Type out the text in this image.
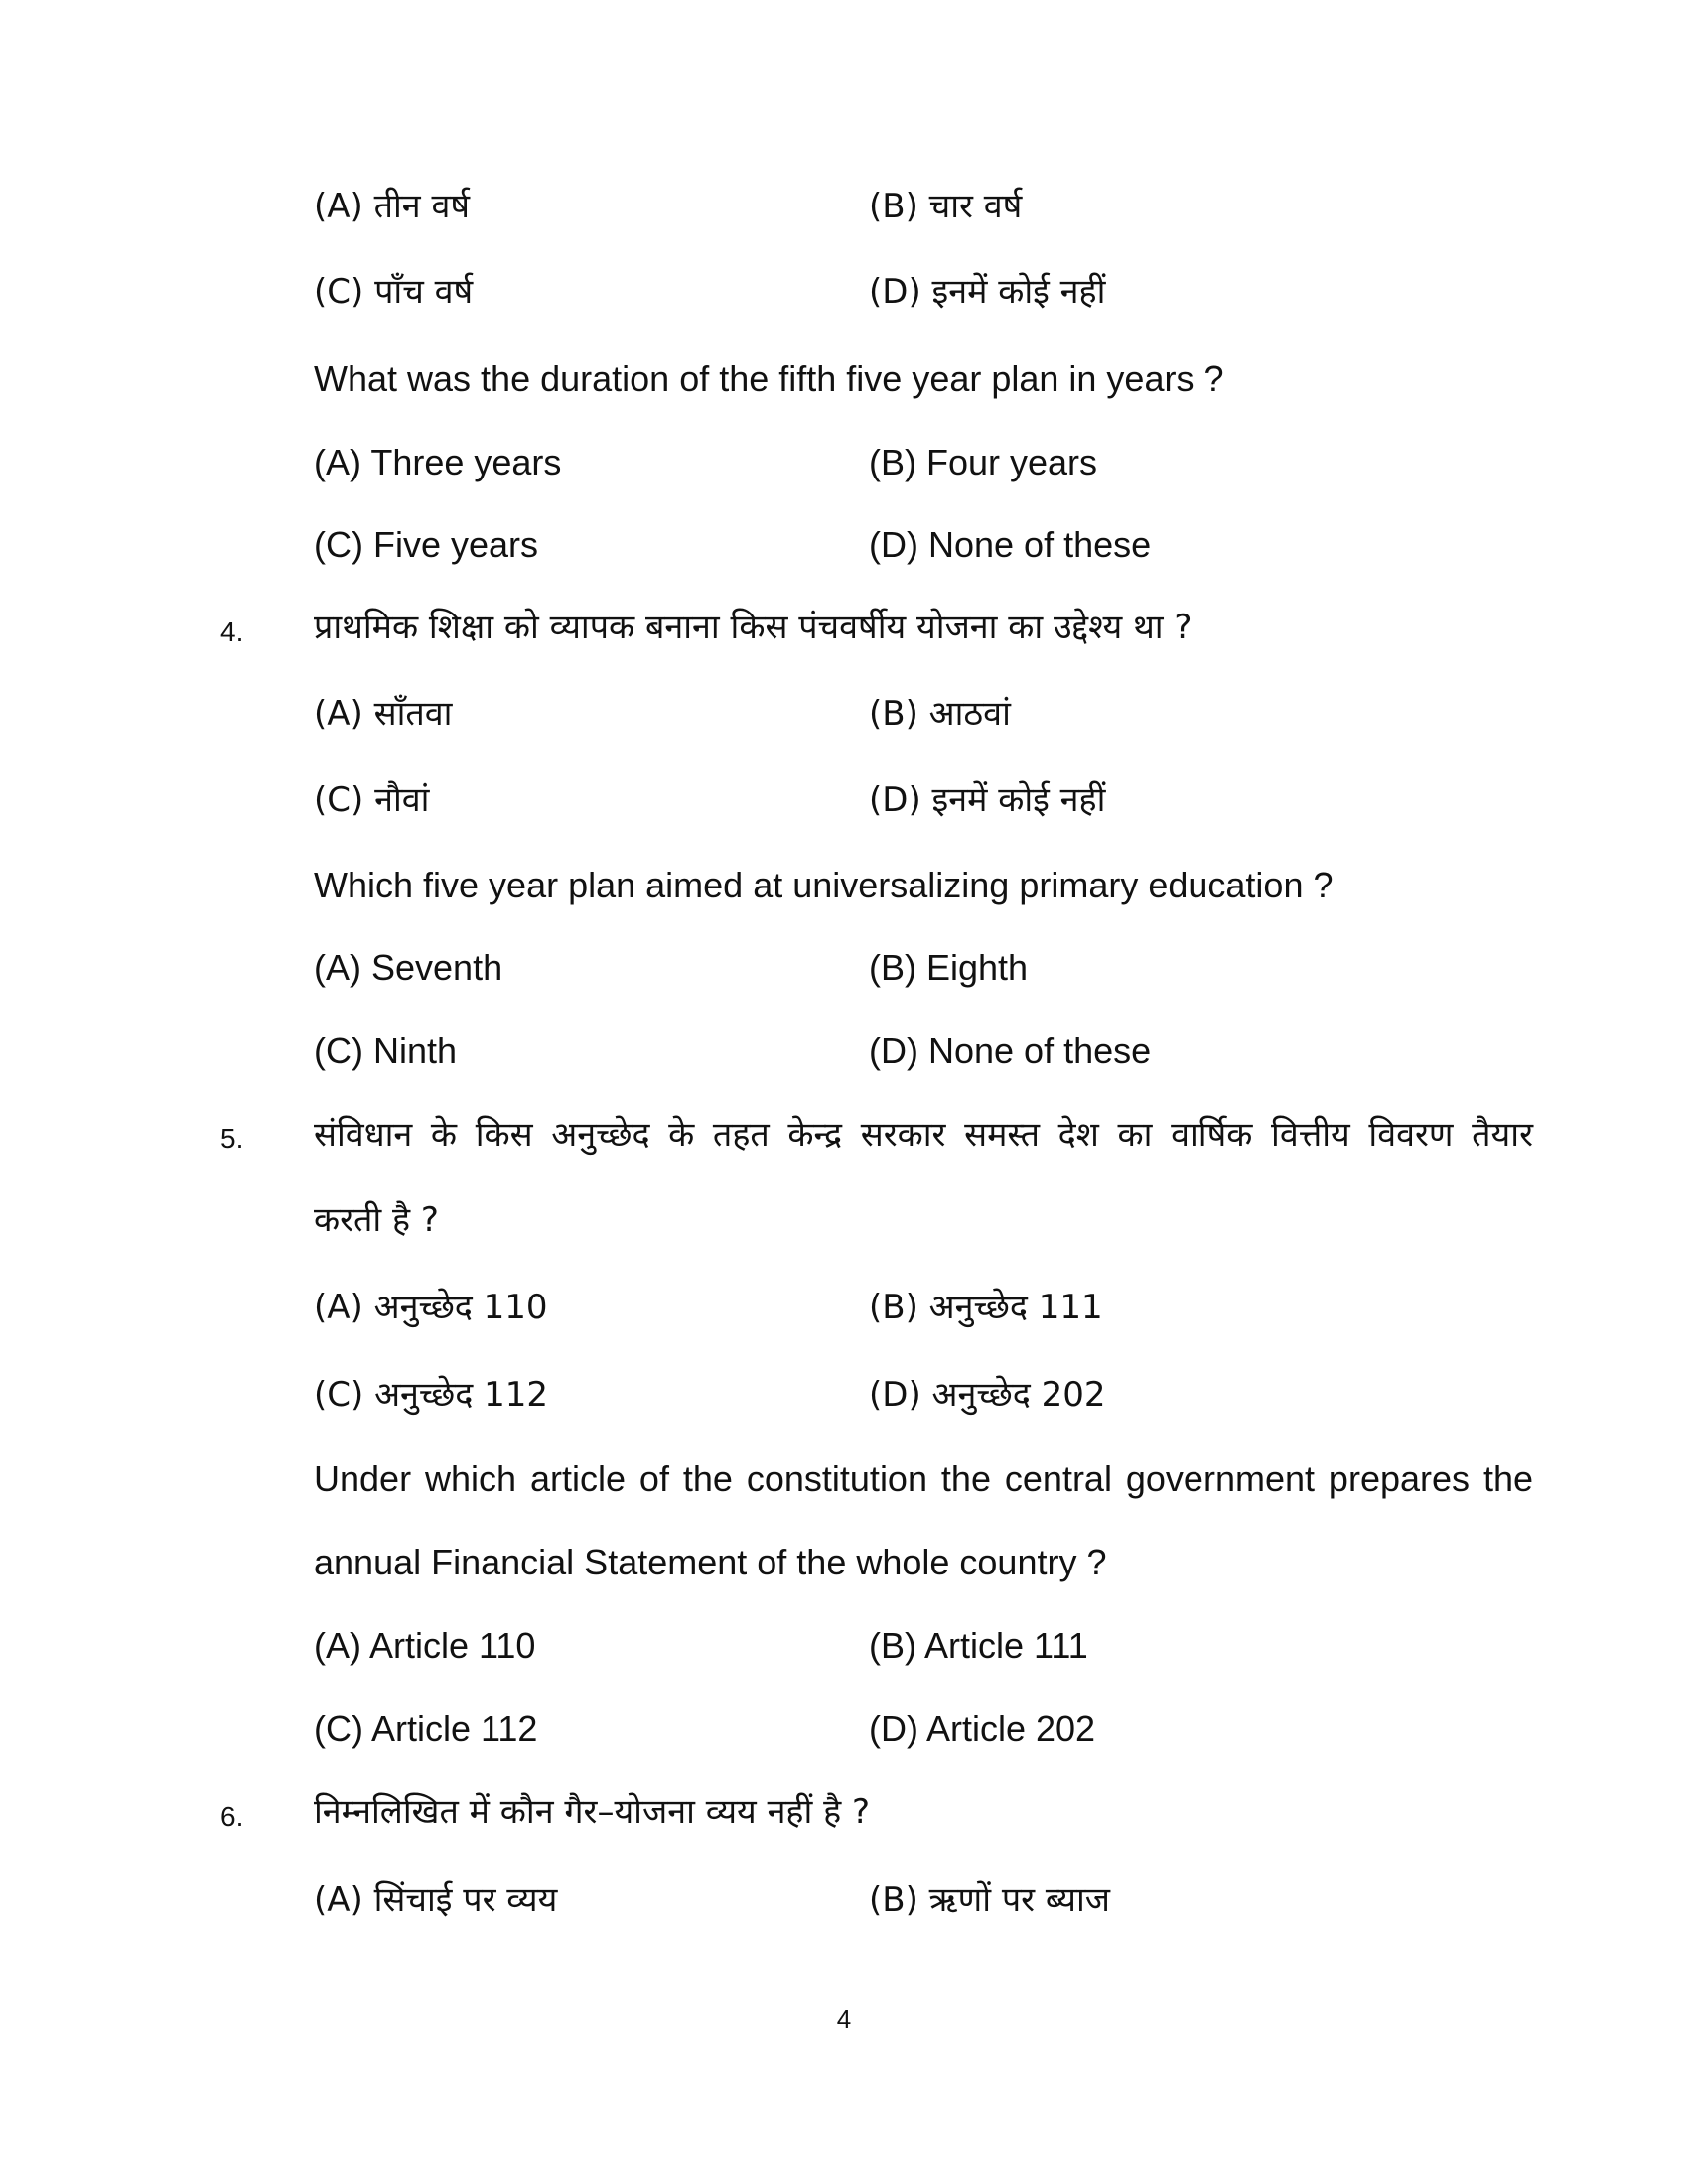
(A) तीन वर्ष	(B) चार वर्ष
(C) पाँच वर्ष	(D) इनमें कोई नहीं
What was the duration of the fifth five year plan in years ?
(A) Three years	(B) Four years
(C) Five years	(D) None of these
4. प्राथमिक शिक्षा को व्यापक बनाना किस पंचवर्षीय योजना का उद्देश्य था ?
(A) साँतवा	(B) आठवां
(C) नौवां	(D) इनमें कोई नहीं
Which five year plan aimed at universalizing primary education ?
(A) Seventh	(B) Eighth
(C) Ninth	(D) None of these
5. संविधान के किस अनुच्छेद के तहत केन्द्र सरकार समस्त देश का वार्षिक वित्तीय विवरण तैयार
करती है ?
(A) अनुच्छेद 110	(B) अनुच्छेद 111
(C) अनुच्छेद 112	(D) अनुच्छेद 202
Under which article of the constitution the central government prepares the
annual Financial Statement of the whole country ?
(A) Article 110	(B) Article 111
(C) Article 112	(D) Article 202
6. निम्नलिखित में कौन गैर–योजना व्यय नहीं है ?
(A) सिंचाई पर व्यय	(B) ऋणों पर ब्याज
4
